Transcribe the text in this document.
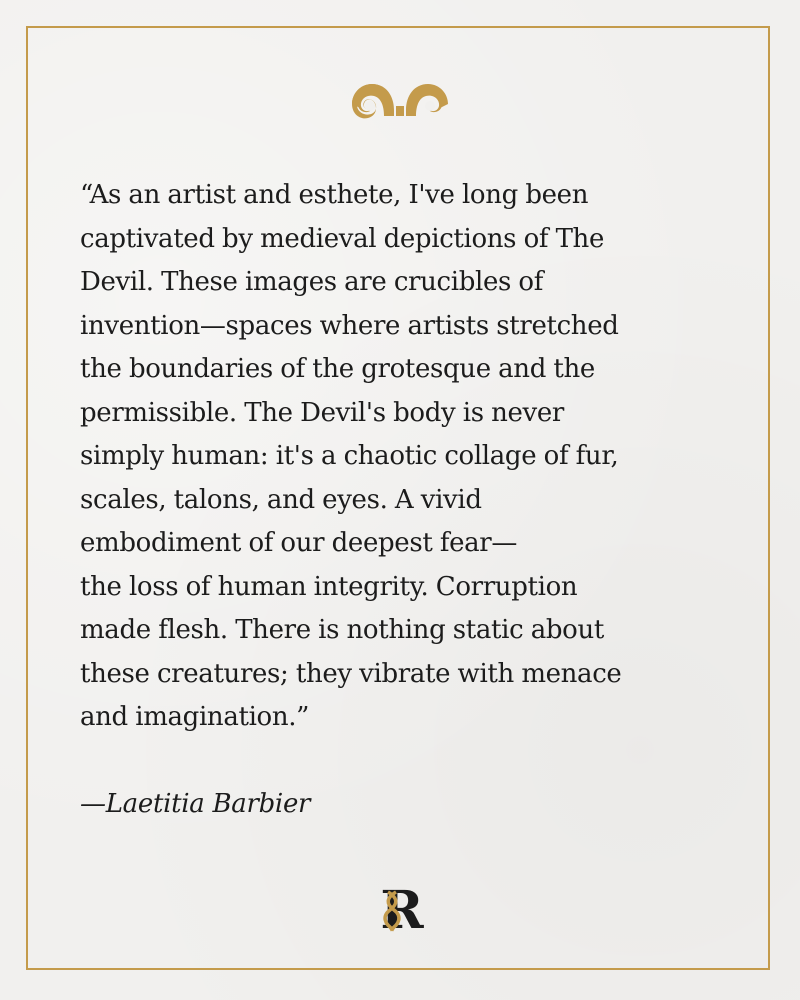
“As an artist and esthete, I've long been
captivated by medieval depictions of The
Devil. These images are crucibles of
invention—spaces where artists stretched
the boundaries of the grotesque and the
permissible. The Devil's body is never
simply human: it's a chaotic collage of fur,
scales, talons, and eyes. A vivid
embodiment of our deepest fear—
the loss of human integrity. Corruption
made flesh. There is nothing static about
these creatures; they vibrate with menace
and imagination.”

—Laetitia Barbier

R
